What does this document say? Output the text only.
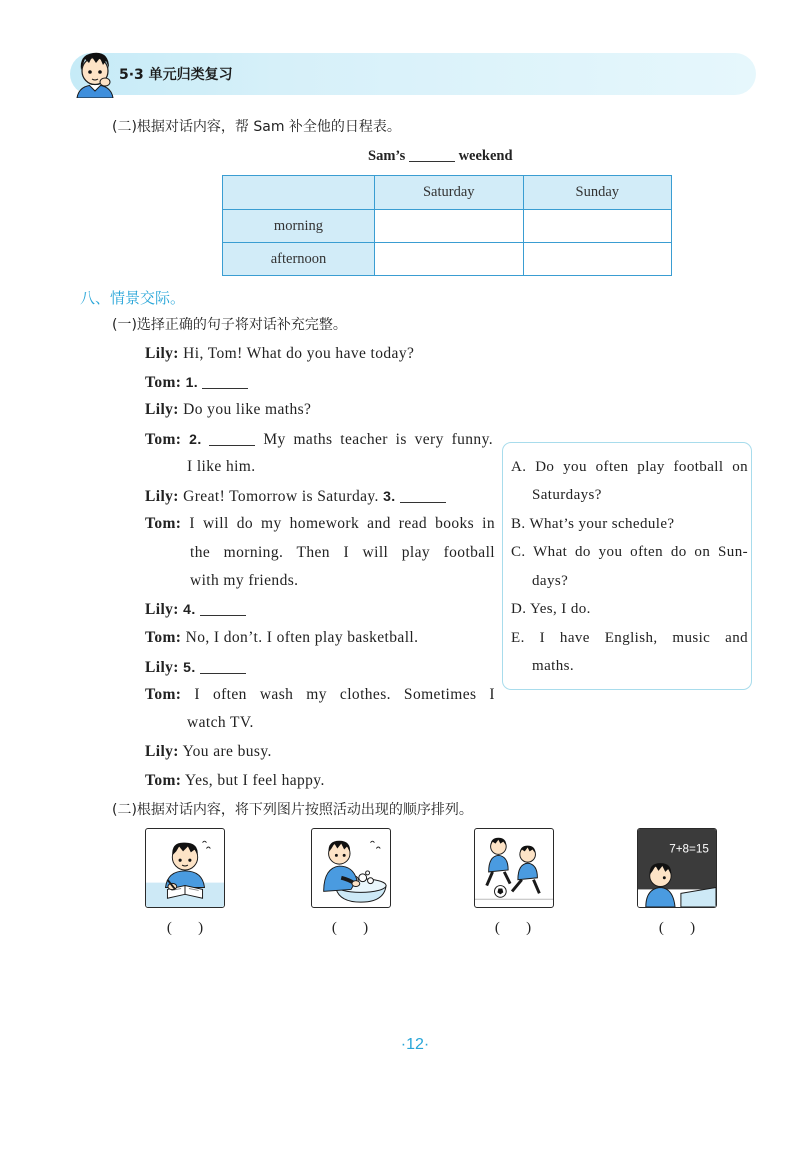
5·3 单元归类复习
(二)根据对话内容，帮 Sam 补全他的日程表。
Sam’s	weekend
	Saturday	Sunday
morning		
afternoon		
八、情景交际。
(一)选择正确的句子将对话补充完整。
Lily: Hi, Tom! What do you have today?
Tom: 1.
Lily: Do you like maths?
Tom: 2.	My maths teacher is very funny.
I like him.
Lily: Great! Tomorrow is Saturday. 3.
Tom: I will do my homework and read books in
the morning. Then I will play football
with my friends.
Lily: 4.
Tom: No, I don’t. I often play basketball.
Lily: 5.
Tom: I often wash my clothes. Sometimes I
watch TV.
Lily: You are busy.
Tom: Yes, but I feel happy.
A. Do you often play football on
Saturdays?
B. What’s your schedule?
C. What do you often do on Sun-
days?
D. Yes, I do.
E. I have English, music and
maths.
(二)根据对话内容，将下列图片按照活动出现的顺序排列。
7+8=15
(       )	(       )	(       )	(       )
·12·
